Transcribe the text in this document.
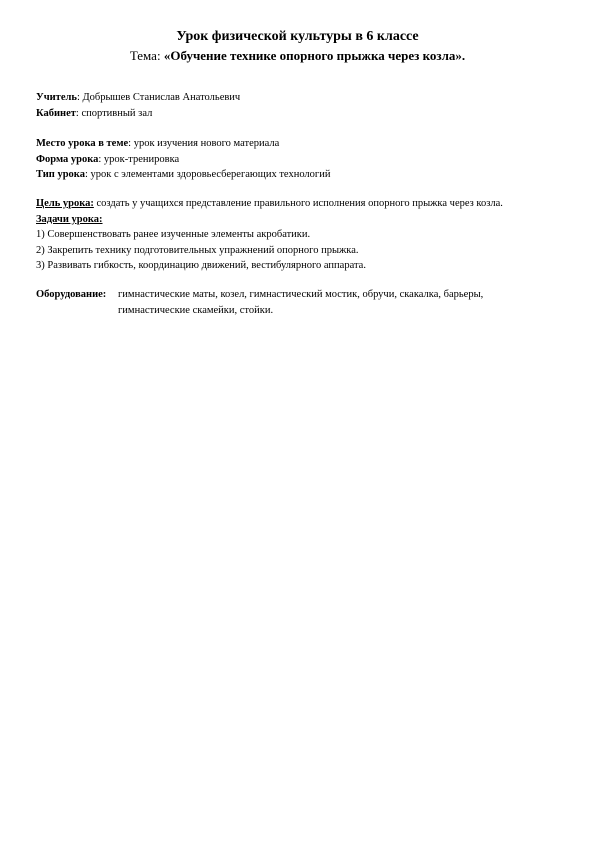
Урок физической культуры в 6 классе
Тема: «Обучение технике опорного прыжка через козла».
Учитель: Добрышев Станислав Анатольевич
Кабинет: спортивный зал
Место урока в теме: урок изучения нового материала
Форма урока: урок-тренировка
Тип урока: урок с элементами здоровьесберегающих технологий
Цель урока: создать у учащихся представление правильного исполнения опорного прыжка через козла.
Задачи урока:
1) Совершенствовать ранее изученные элементы акробатики.
2) Закрепить технику подготовительных упражнений опорного прыжка.
3) Развивать гибкость, координацию движений, вестибулярного аппарата.
Оборудование:	гимнастические маты, козел, гимнастический мостик, обручи, скакалка, барьеры,
гимнастические скамейки, стойки.
